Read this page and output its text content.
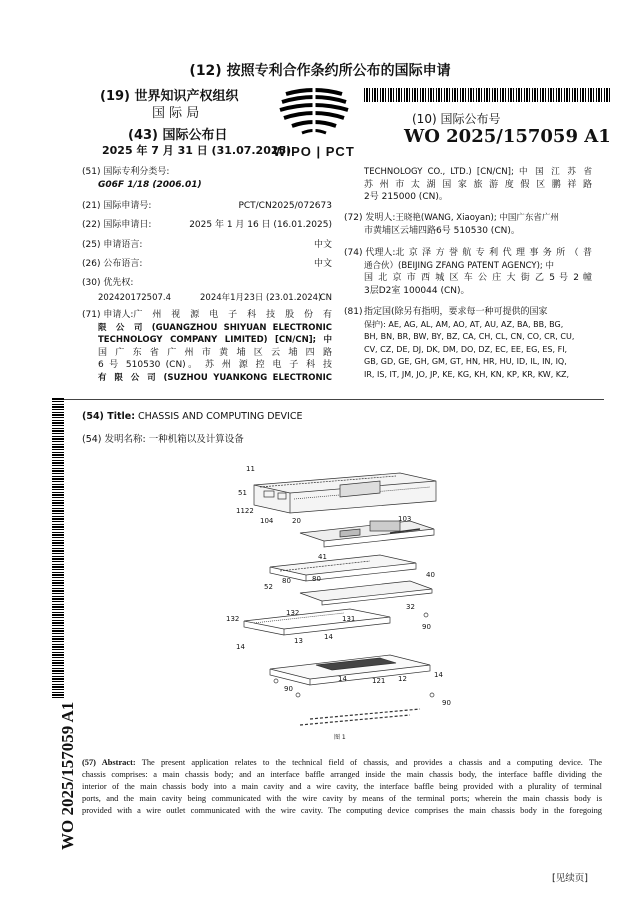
(12) 按照专利合作条约所公布的国际申请
(19) 世界知识产权组织
国 际 局
(43) 国际公布日
2025 年 7 月 31 日 (31.07.2025)
WIPO | PCT
(10) 国际公布号
WO 2025/157059 A1
(51) 国际专利分类号:
G06F 1/18 (2006.01)
(21) 国际申请号:	PCT/CN2025/072673
(22) 国际申请日:	2025 年 1 月 16 日 (16.01.2025)
(25) 申请语言:	中文
(26) 公布语言:	中文
(30) 优先权:
202420172507.4	2024年1月23日 (23.01.2024)
CN
(71) 申请人: 广 州 视 源 电 子 科 技 股 份 有
限 公 司 (GUANGZHOU SHIYUAN ELECTRONIC
TECHNOLOGY COMPANY LIMITED) [CN/CN]; 中
国 广 东 省 广 州 市 黄 埔 区 云 埔 四 路
6 号 510530 (CN)。 苏 州 源 控 电 子 科 技
有 限 公 司 (SUZHOU YUANKONG ELECTRONIC
TECHNOLOGY CO., LTD.) [CN/CN]; 中 国 江 苏 省
苏 州 市 太 湖 国 家 旅 游 度 假 区 鹏 祥 路
2号 215000 (CN)。
(72) 发明人: 王晓艳(WANG, Xiaoyan); 中国广东省广州
市黄埔区云埔四路6号 510530 (CN)。
(74) 代理人: 北京泽方誉航专利代理事务所（普
通合伙）(BEIJING ZFANG PATENT AGENCY); 中
国 北 京 市 西 城 区 车 公 庄 大 街 乙 5 号 2 幢
3层D2室 100044 (CN)。
(81) 指定国(除另有指明，要求每一种可提供的国家
保护): AE, AG, AL, AM, AO, AT, AU, AZ, BA, BB, BG,
BH, BN, BR, BW, BY, BZ, CA, CH, CL, CN, CO, CR, CU,
CV, CZ, DE, DJ, DK, DM, DO, DZ, EC, EE, EG, ES, FI,
GB, GD, GE, GH, GM, GT, HN, HR, HU, ID, IL, IN, IQ,
IR, IS, IT, JM, JO, JP, KE, KG, KH, KN, KP, KR, KW, KZ,
(54) Title: CHASSIS AND COMPUTING DEVICE
(54) 发明名称: 一种机箱以及计算设备
11
51
1122
104	20	103
41
52
80	80	40
32
132
132
131
90
14
13	14
14	121 12	14
90
90
图 1
(57) Abstract: The present application relates to the technical field of chassis, and provides a chassis and a computing device. The
chassis comprises: a main chassis body; and an interface baffle arranged inside the main chassis body, the interface baffle dividing the
interior of the main chassis body into a main cavity and a wire cavity, the interface baffle being provided with a plurality of terminal
ports, and the main cavity being communicated with the wire cavity by means of the terminal ports; wherein the main chassis body is
provided with a wire outlet communicated with the wire cavity. The computing device comprises the main chassis body in the foregoing
WO 2025/157059 A1
[见续页]
